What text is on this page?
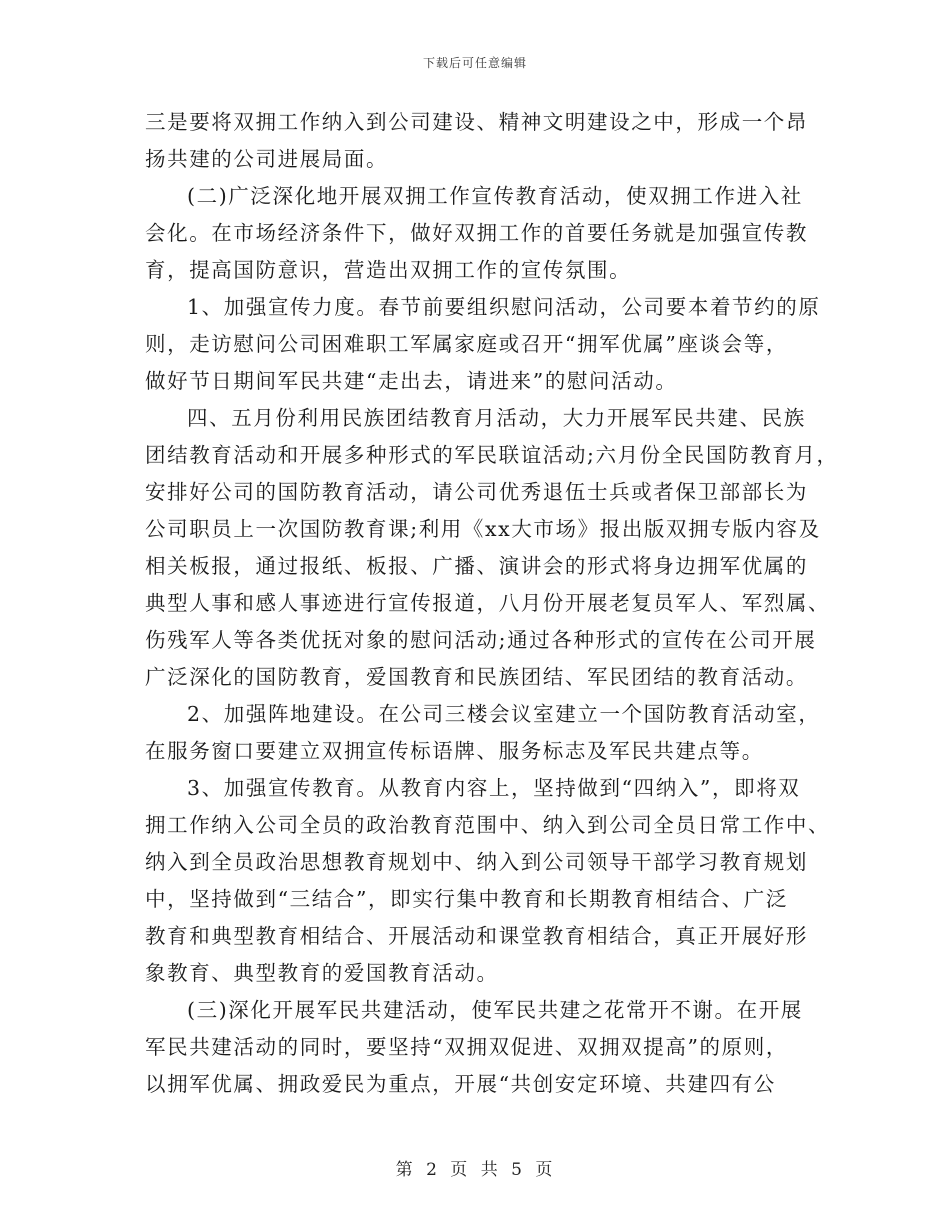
下载后可任意编辑
三是要将双拥工作纳入到公司建设、精神文明建设之中，形成一个昂
扬共建的公司进展局面。
(二)广泛深化地开展双拥工作宣传教育活动，使双拥工作进入社
会化。在市场经济条件下，做好双拥工作的首要任务就是加强宣传教
育，提高国防意识，营造出双拥工作的宣传氛围。
1、加强宣传力度。春节前要组织慰问活动，公司要本着节约的原
则，走访慰问公司困难职工军属家庭或召开“拥军优属”座谈会等，
做好节日期间军民共建“走出去，请进来”的慰问活动。
四、五月份利用民族团结教育月活动，大力开展军民共建、民族
团结教育活动和开展多种形式的军民联谊活动;六月份全民国防教育月，
安排好公司的国防教育活动，请公司优秀退伍士兵或者保卫部部长为
公司职员上一次国防教育课;利用《xx大市场》报出版双拥专版内容及
相关板报，通过报纸、板报、广播、演讲会的形式将身边拥军优属的
典型人事和感人事迹进行宣传报道，八月份开展老复员军人、军烈属、
伤残军人等各类优抚对象的慰问活动;通过各种形式的宣传在公司开展
广泛深化的国防教育，爱国教育和民族团结、军民团结的教育活动。
2、加强阵地建设。在公司三楼会议室建立一个国防教育活动室，
在服务窗口要建立双拥宣传标语牌、服务标志及军民共建点等。
3、加强宣传教育。从教育内容上，坚持做到“四纳入”，即将双
拥工作纳入公司全员的政治教育范围中、纳入到公司全员日常工作中、
纳入到全员政治思想教育规划中、纳入到公司领导干部学习教育规划
中，坚持做到“三结合”，即实行集中教育和长期教育相结合、广泛
教育和典型教育相结合、开展活动和课堂教育相结合，真正开展好形
象教育、典型教育的爱国教育活动。
(三)深化开展军民共建活动，使军民共建之花常开不谢。在开展
军民共建活动的同时，要坚持“双拥双促进、双拥双提高”的原则，
以拥军优属、拥政爱民为重点，开展“共创安定环境、共建四有公
第 2 页 共 5 页
